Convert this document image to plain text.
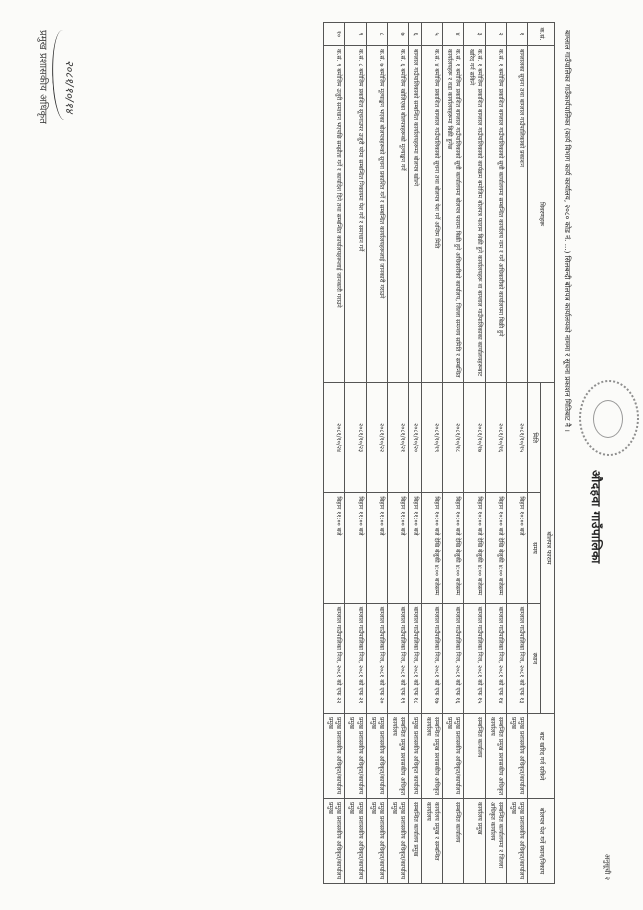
औदहवा गाउँपालिका
अनुसूची २
बाग्लाल गाउँपालिका गाउँकार्यपालिका (कार्य विभाग कार्य कार्यालय, २०८० कोड नं. ...) सिलबन्दी बोलपत्र कार्यालयको नाममा र सूचना प्रकाशन मितिबाट नै ।
क.सं.	विवरणहरू	बोलपत्र फाराम			बाट खरिद गर्न सकिने	बोलपत्र पेश गर्ने स्थान/निकाय
		मिति	समय	स्थान		
१	बाग्लालका सूचना तथा बाग्लाल गाउँपालिकाको प्रकाशन	२०८१/१०/१५	बिहान १०:०० बजे	बाग्लाल गाउँपालिका निज, २०८१ को एफ १३	प्रमुख प्रशासकीय अधिकृत/कार्यालय प्रमुख	प्रमुख प्रशासकीय अधिकृत/कार्यालय प्रमुख
२	क.सं. १ बमोजिम प्रकाशित बाग्लाल गाउँपालिकाको सूची कार्यालयमा सम्बन्धित कार्यालय नाम र गर्ने अधिकारीको कार्यालयमा बिक्री हुने	२०८१/१०/१६	बिहान १०:०० बजे देखि बेलुकी ४:०० बजेसम्म	बाग्लाल गाउँपालिका निज, २०८१ को एफ १४	सम्बन्धित प्रमुख प्रशासकीय अधिकृत कार्यालय	सम्बन्धित कार्यालयमा र जिल्ला अधिकृत कार्यालय
३	क.सं. १ बमोजिम प्रकाशित बाग्लाल गाउँपालिकाको कार्यक्रम बमोजिम बोलपत्र फाराम बिक्री हुने कार्यालयहरू वा बाग्लाल गाउँपालिकाका कार्यालयहरूबाट खरिद गर्न सकिने	२०८१/१०/१७	बिहान १०:०० बजे देखि बेलुकी ४:०० बजेसम्म	बाग्लाल गाउँपालिका निज, २०८१ को एफ १५	सम्बन्धित कार्यालय	कार्यालय प्रमुख
४	क.सं. १ बमोजिम प्रकाशित बाग्लाल गाउँपालिकाको सूची कार्यालयमा बोलपत्र फाराम बिक्री हुने अधिकारीको कार्यालय, जिल्ला समन्वय समिति र सम्बन्धित कार्यालयहरू र वडा कार्यालयहरूमा बिक्री हुनेछ	२०८१/१०/१८	बिहान १०:०० बजे देखि बेलुकी ४:०० बजेसम्म	बाग्लाल गाउँपालिका निज, २०८१ को एफ १६	प्रमुख प्रशासकीय अधिकृत/कार्यालय प्रमुख	सम्बन्धित कार्यालय
५	क.सं. ४ बमोजिम प्रकाशित बाग्लाल गाउँपालिकाको सूचना तथा बोलपत्र पेश गर्ने अन्तिम मिति	२०८१/१०/१९	बिहान १०:०० बजे देखि बेलुकी ४:०० बजेसम्म	बाग्लाल गाउँपालिका निज, २०८१ को एफ १७	सम्बन्धित प्रमुख प्रशासकीय अधिकृत कार्यालय	कार्यालय प्रमुख र सम्बन्धित कार्यालय
६	बाग्लाल गाउँपालिकाको सम्बन्धित कार्यालयहरूमा बोलपत्र खोल्ने	२०८१/१०/२०	बिहान ११:०० बजे	बाग्लाल गाउँपालिका निज, २०८१ को एफ १८	प्रमुख प्रशासकीय अधिकृत कार्यालय	सम्बन्धित कार्यालय प्रमुख
७	क.सं. ६ बमोजिम खोलिएका बोलपत्रहरूको मूल्याङ्कन गर्ने	२०८१/१०/२१	बिहान ११:०० बजे	बाग्लाल गाउँपालिका निज, २०८१ को एफ १९	सम्बन्धित प्रमुख प्रशासकीय अधिकृत कार्यालय	प्रमुख प्रशासकीय अधिकृत/कार्यालय प्रमुख
८	क.सं. ७ बमोजिम मूल्याङ्कन भएका बोलपत्रहरूको सूचना प्रकाशित गर्ने र सम्बन्धित कार्यालयहरूलाई जानकारी गराउने	२०८१/१०/२२	बिहान ११:०० बजे	बाग्लाल गाउँपालिका निज, २०८१ को एफ २०	प्रमुख प्रशासकीय अधिकृत/कार्यालय प्रमुख	प्रमुख प्रशासकीय अधिकृत/कार्यालय प्रमुख
९	क.सं. ८ बमोजिम प्रकाशित सूचनाउपर उजुरी परेमा सम्बन्धित निकायमा पेश गर्ने र समाधान गर्ने	२०८१/१०/२३	बिहान ११:०० बजे	बाग्लाल गाउँपालिका निज, २०८१ को एफ २१	प्रमुख प्रशासकीय अधिकृत/कार्यालय प्रमुख	प्रमुख प्रशासकीय अधिकृत/कार्यालय प्रमुख
१०	क.सं. ९ बमोजिम उजुरी समाधान भएपछि सम्झौता गर्ने र कार्यादेश दिने तथा सम्बन्धित कार्यालयहरूलाई जानकारी गराउने	२०८१/१०/२४	बिहान ११:०० बजे	बाग्लाल गाउँपालिका निज, २०८१ को एफ २२	प्रमुख प्रशासकीय अधिकृत/कार्यालय प्रमुख	प्रमुख प्रशासकीय अधिकृत/कार्यालय प्रमुख
२०८१/१०/१४
प्रमुख प्रशासकीय अधिकृत
